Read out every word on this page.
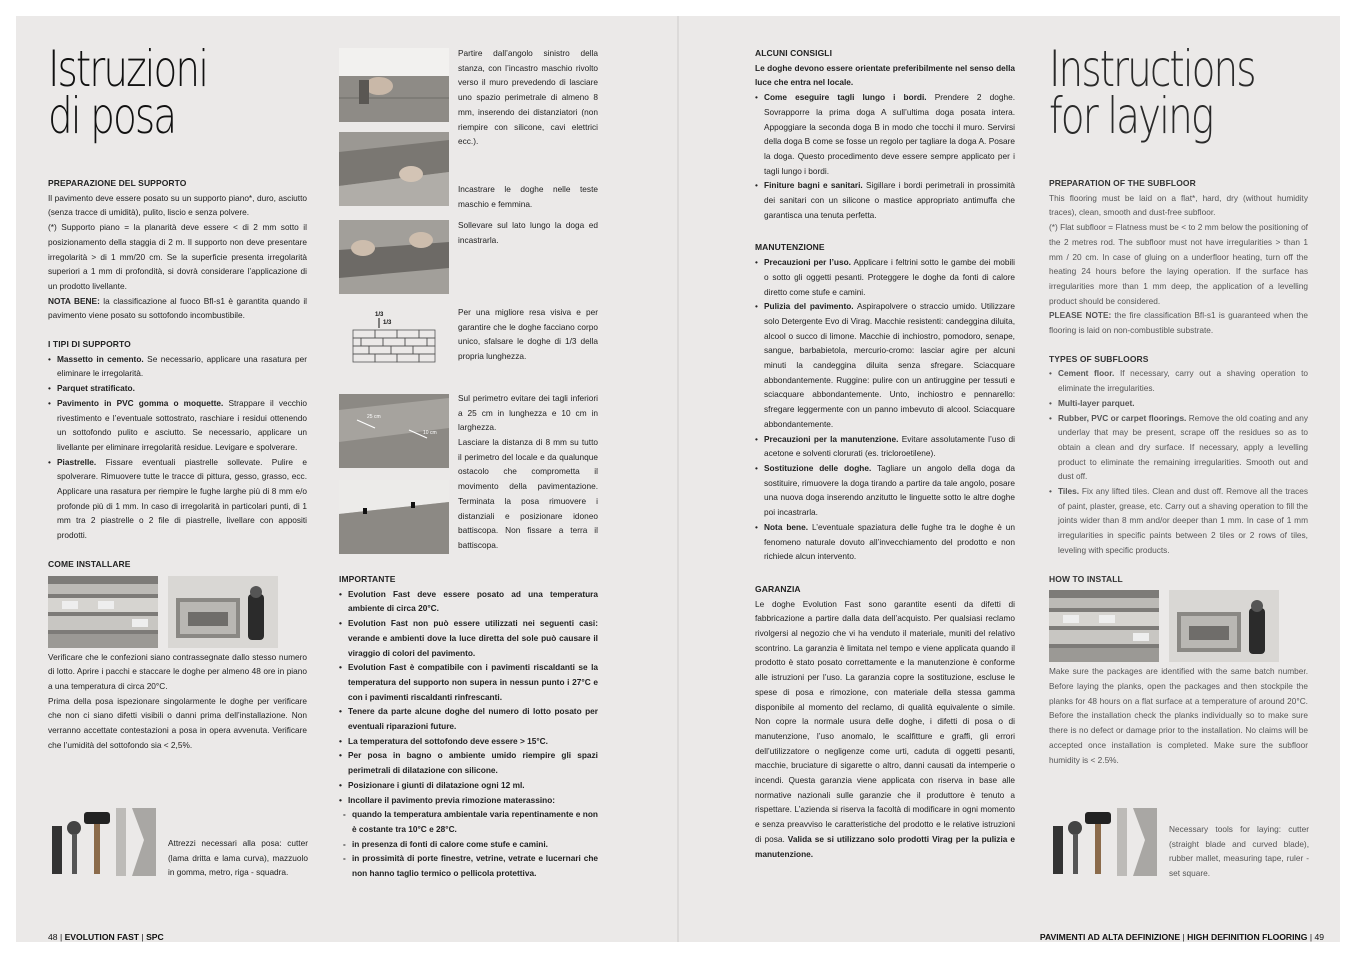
Istruzioni
di posa

PREPARAZIONE DEL SUPPORTO

Il pavimento deve essere posato su un supporto piano*, duro, asciutto (senza tracce di umidità), pulito, liscio e senza polvere.

(*) Supporto piano = la planarità deve essere < di 2 mm sotto il posizionamento della staggia di 2 m. Il supporto non deve presentare irregolarità > di 1 mm/20 cm. Se la superficie presenta irregolarità superiori a 1 mm di profondità, si dovrà considerare l’applicazione di un prodotto livellante.

NOTA BENE: la classificazione al fuoco Bfl-s1 è garantita quando il pavimento viene posato su sottofondo incombustibile.

I TIPI DI SUPPORTO

• Massetto in cemento. Se necessario, applicare una rasatura per eliminare le irregolarità.
• Parquet stratificato.
• Pavimento in PVC gomma o moquette. Strappare il vecchio rivestimento e l’eventuale sottostrato, raschiare i residui ottenendo un sottofondo pulito e asciutto. Se necessario, applicare un livellante per eliminare irregolarità residue. Levigare e spolverare.
• Piastrelle. Fissare eventuali piastrelle sollevate. Pulire e spolverare. Rimuovere tutte le tracce di pittura, gesso, grasso, ecc. Applicare una rasatura per riempire le fughe larghe più di 8 mm e/o profonde più di 1 mm. In caso di irregolarità in particolari punti, di 1 mm tra 2 piastrelle o 2 file di piastrelle, livellare con appositi prodotti.

COME INSTALLARE

Verificare che le confezioni siano contrassegnate dallo stesso numero di lotto. Aprire i pacchi e staccare le doghe per almeno 48 ore in piano a una temperatura di circa 20°C.

Prima della posa ispezionare singolarmente le doghe per verificare che non ci siano difetti visibili o danni prima dell’installazione. Non verranno accettate contestazioni a posa in opera avvenuta. Verificare che l’umidità del sottofondo sia < 2,5%.

Attrezzi necessari alla posa: cutter (lama dritta e lama curva), mazzuolo in gomma, metro, riga - squadra.

1/3
1/3
25 cm
10 cm

Partire dall’angolo sinistro della stanza, con l’incastro maschio rivolto verso il muro prevedendo di lasciare uno spazio perimetrale di almeno 8 mm, inserendo dei distanziatori (non riempire con silicone, cavi elettrici ecc.).

Incastrare le doghe nelle teste maschio e femmina.

Sollevare sul lato lungo la doga ed incastrarla.

Per una migliore resa visiva e per garantire che le doghe facciano corpo unico, sfalsare le doghe di 1/3 della propria lunghezza.

Sul perimetro evitare dei tagli inferiori a 25 cm in lunghezza e 10 cm in larghezza.

Lasciare la distanza di 8 mm su tutto il perimetro del locale e da qualunque ostacolo che comprometta il movimento della pavimentazione. Terminata la posa rimuovere i distanziali e posizionare idoneo battiscopa. Non fissare a terra il battiscopa.

IMPORTANTE

• Evolution Fast deve essere posato ad una temperatura ambiente di circa 20°C.
• Evolution Fast non può essere utilizzati nei seguenti casi: verande e ambienti dove la luce diretta del sole può causare il viraggio di colori del pavimento.
• Evolution Fast è compatibile con i pavimenti riscaldanti se la temperatura del supporto non supera in nessun punto i 27°C e con i pavimenti riscaldanti rinfrescanti.
• Tenere da parte alcune doghe del numero di lotto posato per eventuali riparazioni future.
• La temperatura del sottofondo deve essere > 15°C.
• Per posa in bagno o ambiente umido riempire gli spazi perimetrali di dilatazione con silicone.
• Posizionare i giunti di dilatazione ogni 12 ml.
• Incollare il pavimento previa rimozione materassino:
- quando la temperatura ambientale varia repentinamente e non è costante tra 10°C e 28°C.
- in presenza di fonti di calore come stufe e camini.
- in prossimità di porte finestre, vetrine, vetrate e lucernari che non hanno taglio termico o pellicola protettiva.
48 | EVOLUTION FAST | SPC

ALCUNI CONSIGLI

Le doghe devono essere orientate preferibilmente nel senso della luce che entra nel locale.

• Come eseguire tagli lungo i bordi. Prendere 2 doghe. Sovrapporre la prima doga A sull’ultima doga posata intera. Appoggiare la seconda doga B in modo che tocchi il muro. Servirsi della doga B come se fosse un regolo per tagliare la doga A. Posare la doga. Questo procedimento deve essere sempre applicato per i tagli lungo i bordi.
• Finiture bagni e sanitari. Sigillare i bordi perimetrali in prossimità dei sanitari con un silicone o mastice appropriato antimuffa che garantisca una tenuta perfetta.

MANUTENZIONE

• Precauzioni per l’uso. Applicare i feltrini sotto le gambe dei mobili o sotto gli oggetti pesanti. Proteggere le doghe da fonti di calore diretto come stufe e camini.
• Pulizia del pavimento. Aspirapolvere o straccio umido. Utilizzare solo Detergente Evo di Virag. Macchie resistenti: candeggina diluita, alcool o succo di limone. Macchie di inchiostro, pomodoro, senape, sangue, barbabietola, mercurio-cromo: lasciar agire per alcuni minuti la candeggina diluita senza sfregare. Sciacquare abbondantemente. Ruggine: pulire con un antiruggine per tessuti e sciacquare abbondantemente. Unto, inchiostro e pennarello: sfregare leggermente con un panno imbevuto di alcool. Sciacquare abbondantemente.
• Precauzioni per la manutenzione. Evitare assolutamente l’uso di acetone e solventi clorurati (es. tricloroetilene).
• Sostituzione delle doghe. Tagliare un angolo della doga da sostituire, rimuovere la doga tirando a partire da tale angolo, posare una nuova doga inserendo anzitutto le linguette sotto le altre doghe poi incastrarla.
• Nota bene. L’eventuale spaziatura delle fughe tra le doghe è un fenomeno naturale dovuto all’invecchiamento del prodotto e non richiede alcun intervento.

GARANZIA

Le doghe Evolution Fast sono garantite esenti da difetti di fabbricazione a partire dalla data dell’acquisto. Per qualsiasi reclamo rivolgersi al negozio che vi ha venduto il materiale, muniti del relativo scontrino. La garanzia è limitata nel tempo e viene applicata quando il prodotto è stato posato correttamente e la manutenzione è conforme alle istruzioni per l’uso. La garanzia copre la sostituzione, escluse le spese di posa e rimozione, con materiale della stessa gamma disponibile al momento del reclamo, di qualità equivalente o simile. Non copre la normale usura delle doghe, i difetti di posa o di manutenzione, l’uso anomalo, le scalfitture e graffi, gli errori dell’utilizzatore o negligenze come urti, caduta di oggetti pesanti, macchie, bruciature di sigarette o altro, danni causati da intemperie o incendi. Questa garanzia viene applicata con riserva in base alle normative nazionali sulle garanzie che il produttore è tenuto a rispettare. L’azienda si riserva la facoltà di modificare in ogni momento e senza preavviso le caratteristiche del prodotto e le relative istruzioni di posa. Valida se si utilizzano solo prodotti Virag per la pulizia e manutenzione.

Instructions
for laying

PREPARATION OF THE SUBFLOOR

This flooring must be laid on a flat*, hard, dry (without humidity traces), clean, smooth and dust-free subfloor.

(*) Flat subfloor = Flatness must be < to 2 mm below the positioning of the 2 metres rod. The subfloor must not have irregularities > than 1 mm / 20 cm. In case of gluing on a underfloor heating, turn off the heating 24 hours before the laying operation. If the surface has irregularities more than 1 mm deep, the application of a levelling product should be considered.

PLEASE NOTE: the fire classification Bfl-s1 is guaranteed when the flooring is laid on non-combustible substrate.

TYPES OF SUBFLOORS

• Cement floor. If necessary, carry out a shaving operation to eliminate the irregularities.
• Multi-layer parquet.
• Rubber, PVC or carpet floorings. Remove the old coating and any underlay that may be present, scrape off the residues so as to obtain a clean and dry surface. If necessary, apply a levelling product to eliminate the remaining irregularities. Smooth out and dust off.
• Tiles. Fix any lifted tiles. Clean and dust off. Remove all the traces of paint, plaster, grease, etc. Carry out a shaving operation to fill the joints wider than 8 mm and/or deeper than 1 mm. In case of 1 mm irregularities in specific paints between 2 tiles or 2 rows of tiles, leveling with specific products.

HOW TO INSTALL

Make sure the packages are identified with the same batch number. Before laying the planks, open the packages and then stockpile the planks for 48 hours on a flat surface at a temperature of around 20°C. Before the installation check the planks individually so to make sure there is no defect or damage prior to the installation. No claims will be accepted once installation is completed. Make sure the subfloor humidity is < 2.5%.

Necessary tools for laying: cutter (straight blade and curved blade), rubber mallet, measuring tape, ruler - set square.

PAVIMENTI AD ALTA DEFINIZIONE | HIGH DEFINITION FLOORING | 49
